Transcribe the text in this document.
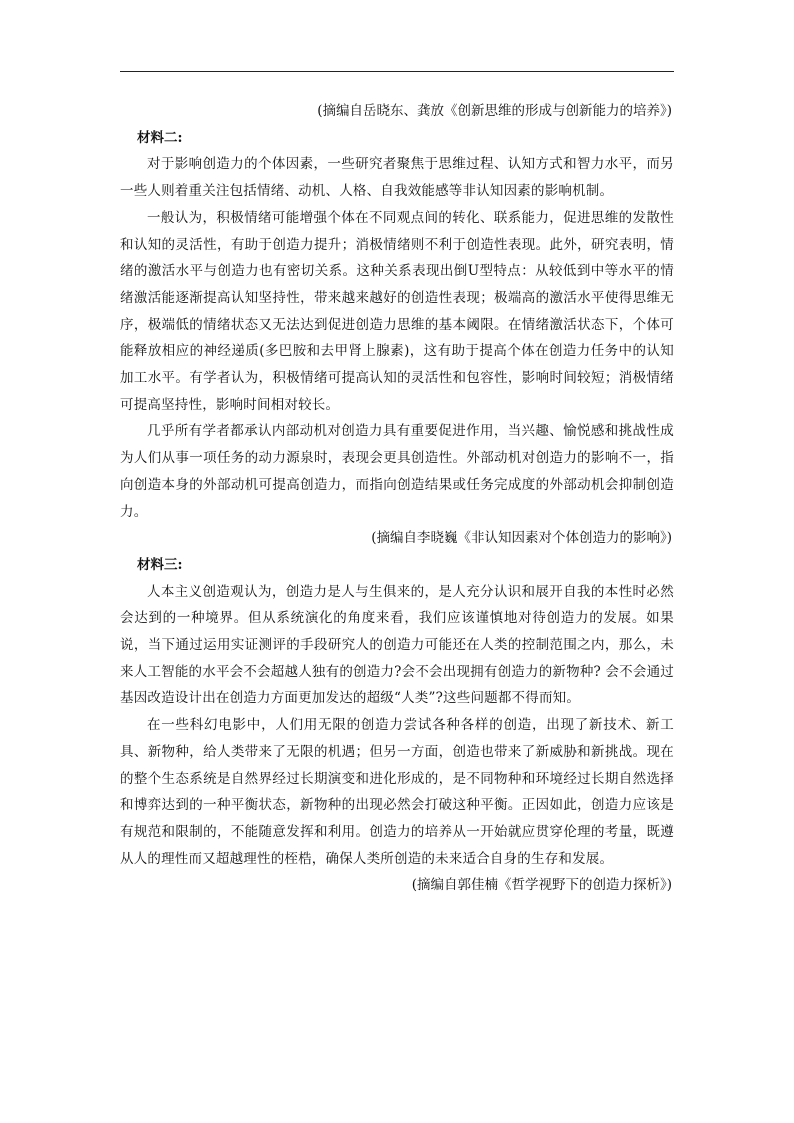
(摘编自岳晓东、龚放《创新思维的形成与创新能力的培养》)
材料二:

对于影响创造力的个体因素，一些研究者聚焦于思维过程、认知方式和智力水平，而另一些人则着重关注包括情绪、动机、人格、自我效能感等非认知因素的影响机制。

一般认为，积极情绪可能增强个体在不同观点间的转化、联系能力，促进思维的发散性和认知的灵活性，有助于创造力提升；消极情绪则不利于创造性表现。此外，研究表明，情绪的激活水平与创造力也有密切关系。这种关系表现出倒U型特点：从较低到中等水平的情绪激活能逐渐提高认知坚持性，带来越来越好的创造性表现；极端高的激活水平使得思维无序，极端低的情绪状态又无法达到促进创造力思维的基本阈限。在情绪激活状态下，个体可能释放相应的神经递质(多巴胺和去甲肾上腺素)，这有助于提高个体在创造力任务中的认知加工水平。有学者认为，积极情绪可提高认知的灵活性和包容性，影响时间较短；消极情绪可提高坚持性，影响时间相对较长。

几乎所有学者都承认内部动机对创造力具有重要促进作用，当兴趣、愉悦感和挑战性成为人们从事一项任务的动力源泉时，表现会更具创造性。外部动机对创造力的影响不一，指向创造本身的外部动机可提高创造力，而指向创造结果或任务完成度的外部动机会抑制创造力。

(摘编自李晓巍《非认知因素对个体创造力的影响》)
材料三:

人本主义创造观认为，创造力是人与生俱来的，是人充分认识和展开自我的本性时必然会达到的一种境界。但从系统演化的角度来看，我们应该谨慎地对待创造力的发展。如果说，当下通过运用实证测评的手段研究人的创造力可能还在人类的控制范围之内，那么，未来人工智能的水平会不会超越人独有的创造力?会不会出现拥有创造力的新物种? 会不会通过基因改造设计出在创造力方面更加发达的超级“人类”?这些问题都不得而知。

在一些科幻电影中，人们用无限的创造力尝试各种各样的创造，出现了新技术、新工具、新物种，给人类带来了无限的机遇；但另一方面，创造也带来了新威胁和新挑战。现在的整个生态系统是自然界经过长期演变和进化形成的，是不同物种和环境经过长期自然选择和博弈达到的一种平衡状态，新物种的出现必然会打破这种平衡。正因如此，创造力应该是有规范和限制的，不能随意发挥和利用。创造力的培养从一开始就应贯穿伦理的考量，既遵从人的理性而又超越理性的桎梏，确保人类所创造的未来适合自身的生存和发展。

(摘编自郭佳楠《哲学视野下的创造力探析》)
